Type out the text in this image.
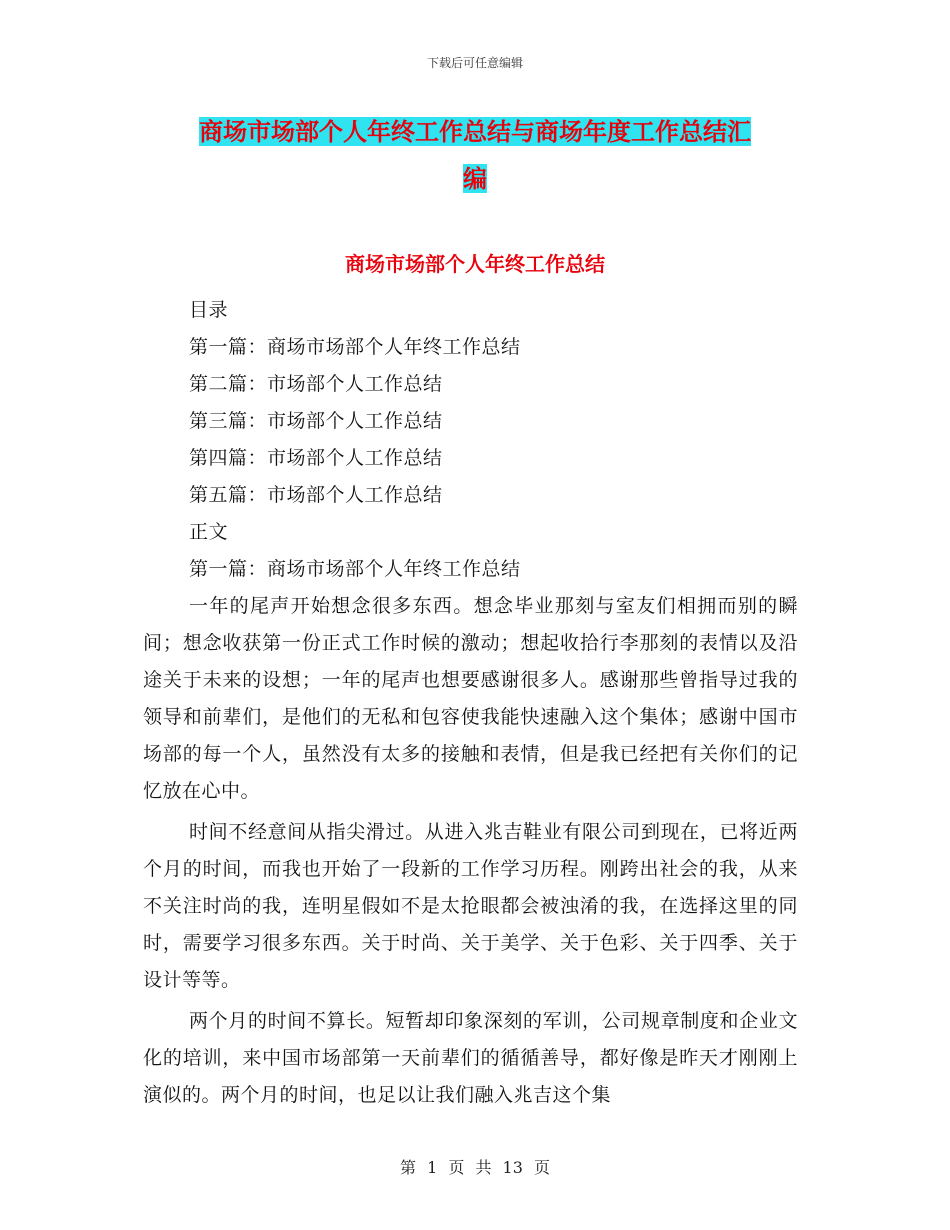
下载后可任意编辑
商场市场部个人年终工作总结与商场年度工作总结汇
编
商场市场部个人年终工作总结
目录
第一篇：商场市场部个人年终工作总结
第二篇：市场部个人工作总结
第三篇：市场部个人工作总结
第四篇：市场部个人工作总结
第五篇：市场部个人工作总结
正文
第一篇：商场市场部个人年终工作总结

一年的尾声开始想念很多东西。想念毕业那刻与室友们相拥而别的瞬间；想念收获第一份正式工作时候的激动；想起收拾行李那刻的表情以及沿途关于未来的设想；一年的尾声也想要感谢很多人。感谢那些曾指导过我的领导和前辈们，是他们的无私和包容使我能快速融入这个集体；感谢中国市场部的每一个人，虽然没有太多的接触和表情，但是我已经把有关你们的记忆放在心中。

时间不经意间从指尖滑过。从进入兆吉鞋业有限公司到现在，已将近两个月的时间，而我也开始了一段新的工作学习历程。刚跨出社会的我，从来不关注时尚的我，连明星假如不是太抢眼都会被浊淆的我，在选择这里的同时，需要学习很多东西。关于时尚、关于美学、关于色彩、关于四季、关于设计等等。

两个月的时间不算长。短暂却印象深刻的军训，公司规章制度和企业文化的培训，来中国市场部第一天前辈们的循循善导，都好像是昨天才刚刚上演似的。两个月的时间，也足以让我们融入兆吉这个集

第 1 页 共 13 页
